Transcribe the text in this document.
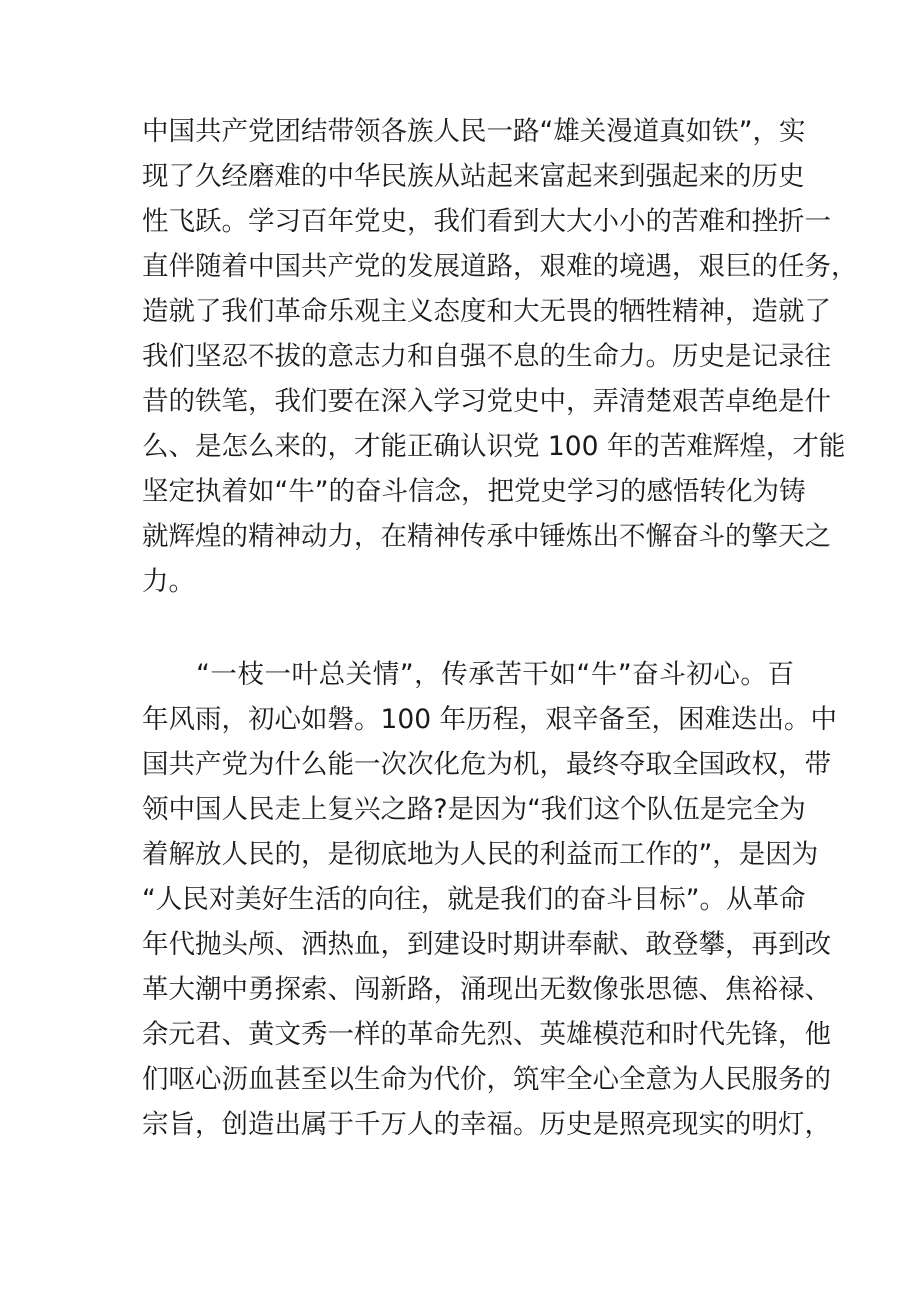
中国共产党团结带领各族人民一路“雄关漫道真如铁”，实
现了久经磨难的中华民族从站起来富起来到强起来的历史
性飞跃。学习百年党史，我们看到大大小小的苦难和挫折一
直伴随着中国共产党的发展道路，艰难的境遇，艰巨的任务，
造就了我们革命乐观主义态度和大无畏的牺牲精神，造就了
我们坚忍不拔的意志力和自强不息的生命力。历史是记录往
昔的铁笔，我们要在深入学习党史中，弄清楚艰苦卓绝是什
么、是怎么来的，才能正确认识党 100 年的苦难辉煌，才能
坚定执着如“牛”的奋斗信念，把党史学习的感悟转化为铸
就辉煌的精神动力，在精神传承中锤炼出不懈奋斗的擎天之
力。
　　“一枝一叶总关情”，传承苦干如“牛”奋斗初心。百
年风雨，初心如磐。100 年历程，艰辛备至，困难迭出。中
国共产党为什么能一次次化危为机，最终夺取全国政权，带
领中国人民走上复兴之路?是因为“我们这个队伍是完全为
着解放人民的，是彻底地为人民的利益而工作的”，是因为
“人民对美好生活的向往，就是我们的奋斗目标”。从革命
年代抛头颅、洒热血，到建设时期讲奉献、敢登攀，再到改
革大潮中勇探索、闯新路，涌现出无数像张思德、焦裕禄、
余元君、黄文秀一样的革命先烈、英雄模范和时代先锋，他
们呕心沥血甚至以生命为代价，筑牢全心全意为人民服务的
宗旨，创造出属于千万人的幸福。历史是照亮现实的明灯，
